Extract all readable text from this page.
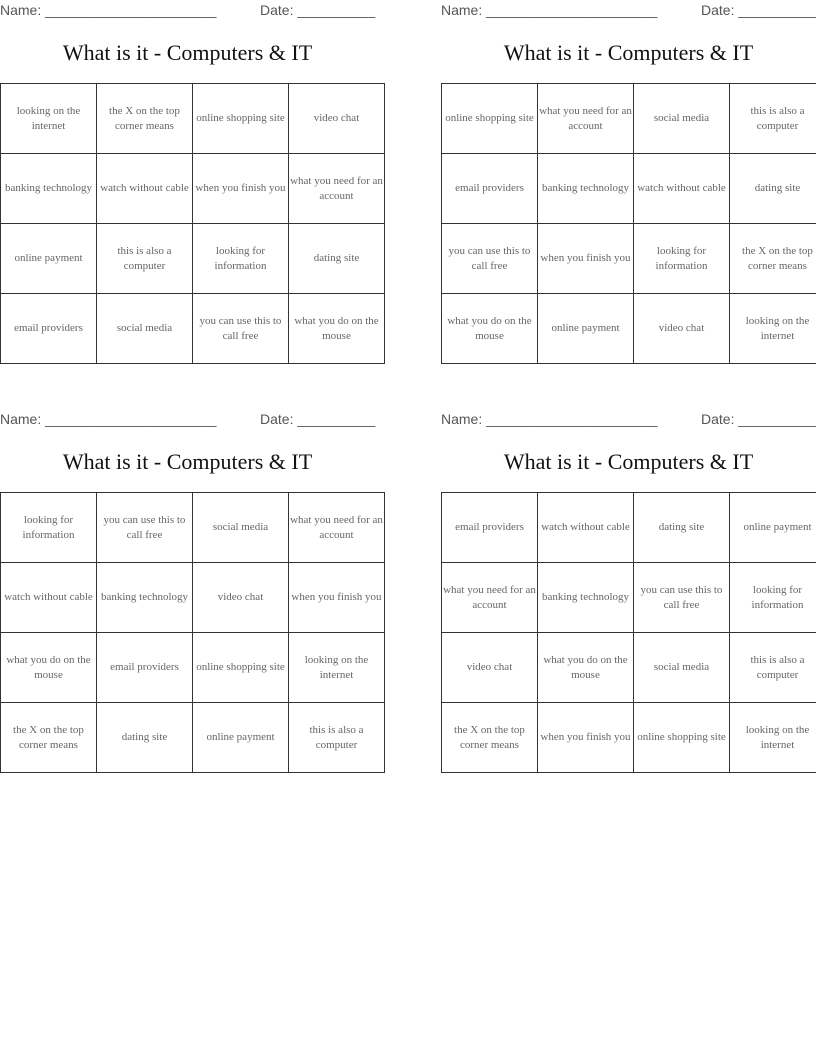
Name: ______________________	Date: __________
What is it - Computers & IT
looking on the internet	the X on the top corner means	online shopping site	video chat
banking technology	watch without cable	when you finish you	what you need for an account
online payment	this is also a computer	looking for information	dating site
email providers	social media	you can use this to call free	what you do on the mouse
Name: ______________________	Date: __________
What is it - Computers & IT
online shopping site	what you need for an account	social media	this is also a computer
email providers	banking technology	watch without cable	dating site
you can use this to call free	when you finish you	looking for information	the X on the top corner means
what you do on the mouse	online payment	video chat	looking on the internet
Name: ______________________	Date: __________
What is it - Computers & IT
looking for information	you can use this to call free	social media	what you need for an account
watch without cable	banking technology	video chat	when you finish you
what you do on the mouse	email providers	online shopping site	looking on the internet
the X on the top corner means	dating site	online payment	this is also a computer
Name: ______________________	Date: __________
What is it - Computers & IT
email providers	watch without cable	dating site	online payment
what you need for an account	banking technology	you can use this to call free	looking for information
video chat	what you do on the mouse	social media	this is also a computer
the X on the top corner means	when you finish you	online shopping site	looking on the internet
